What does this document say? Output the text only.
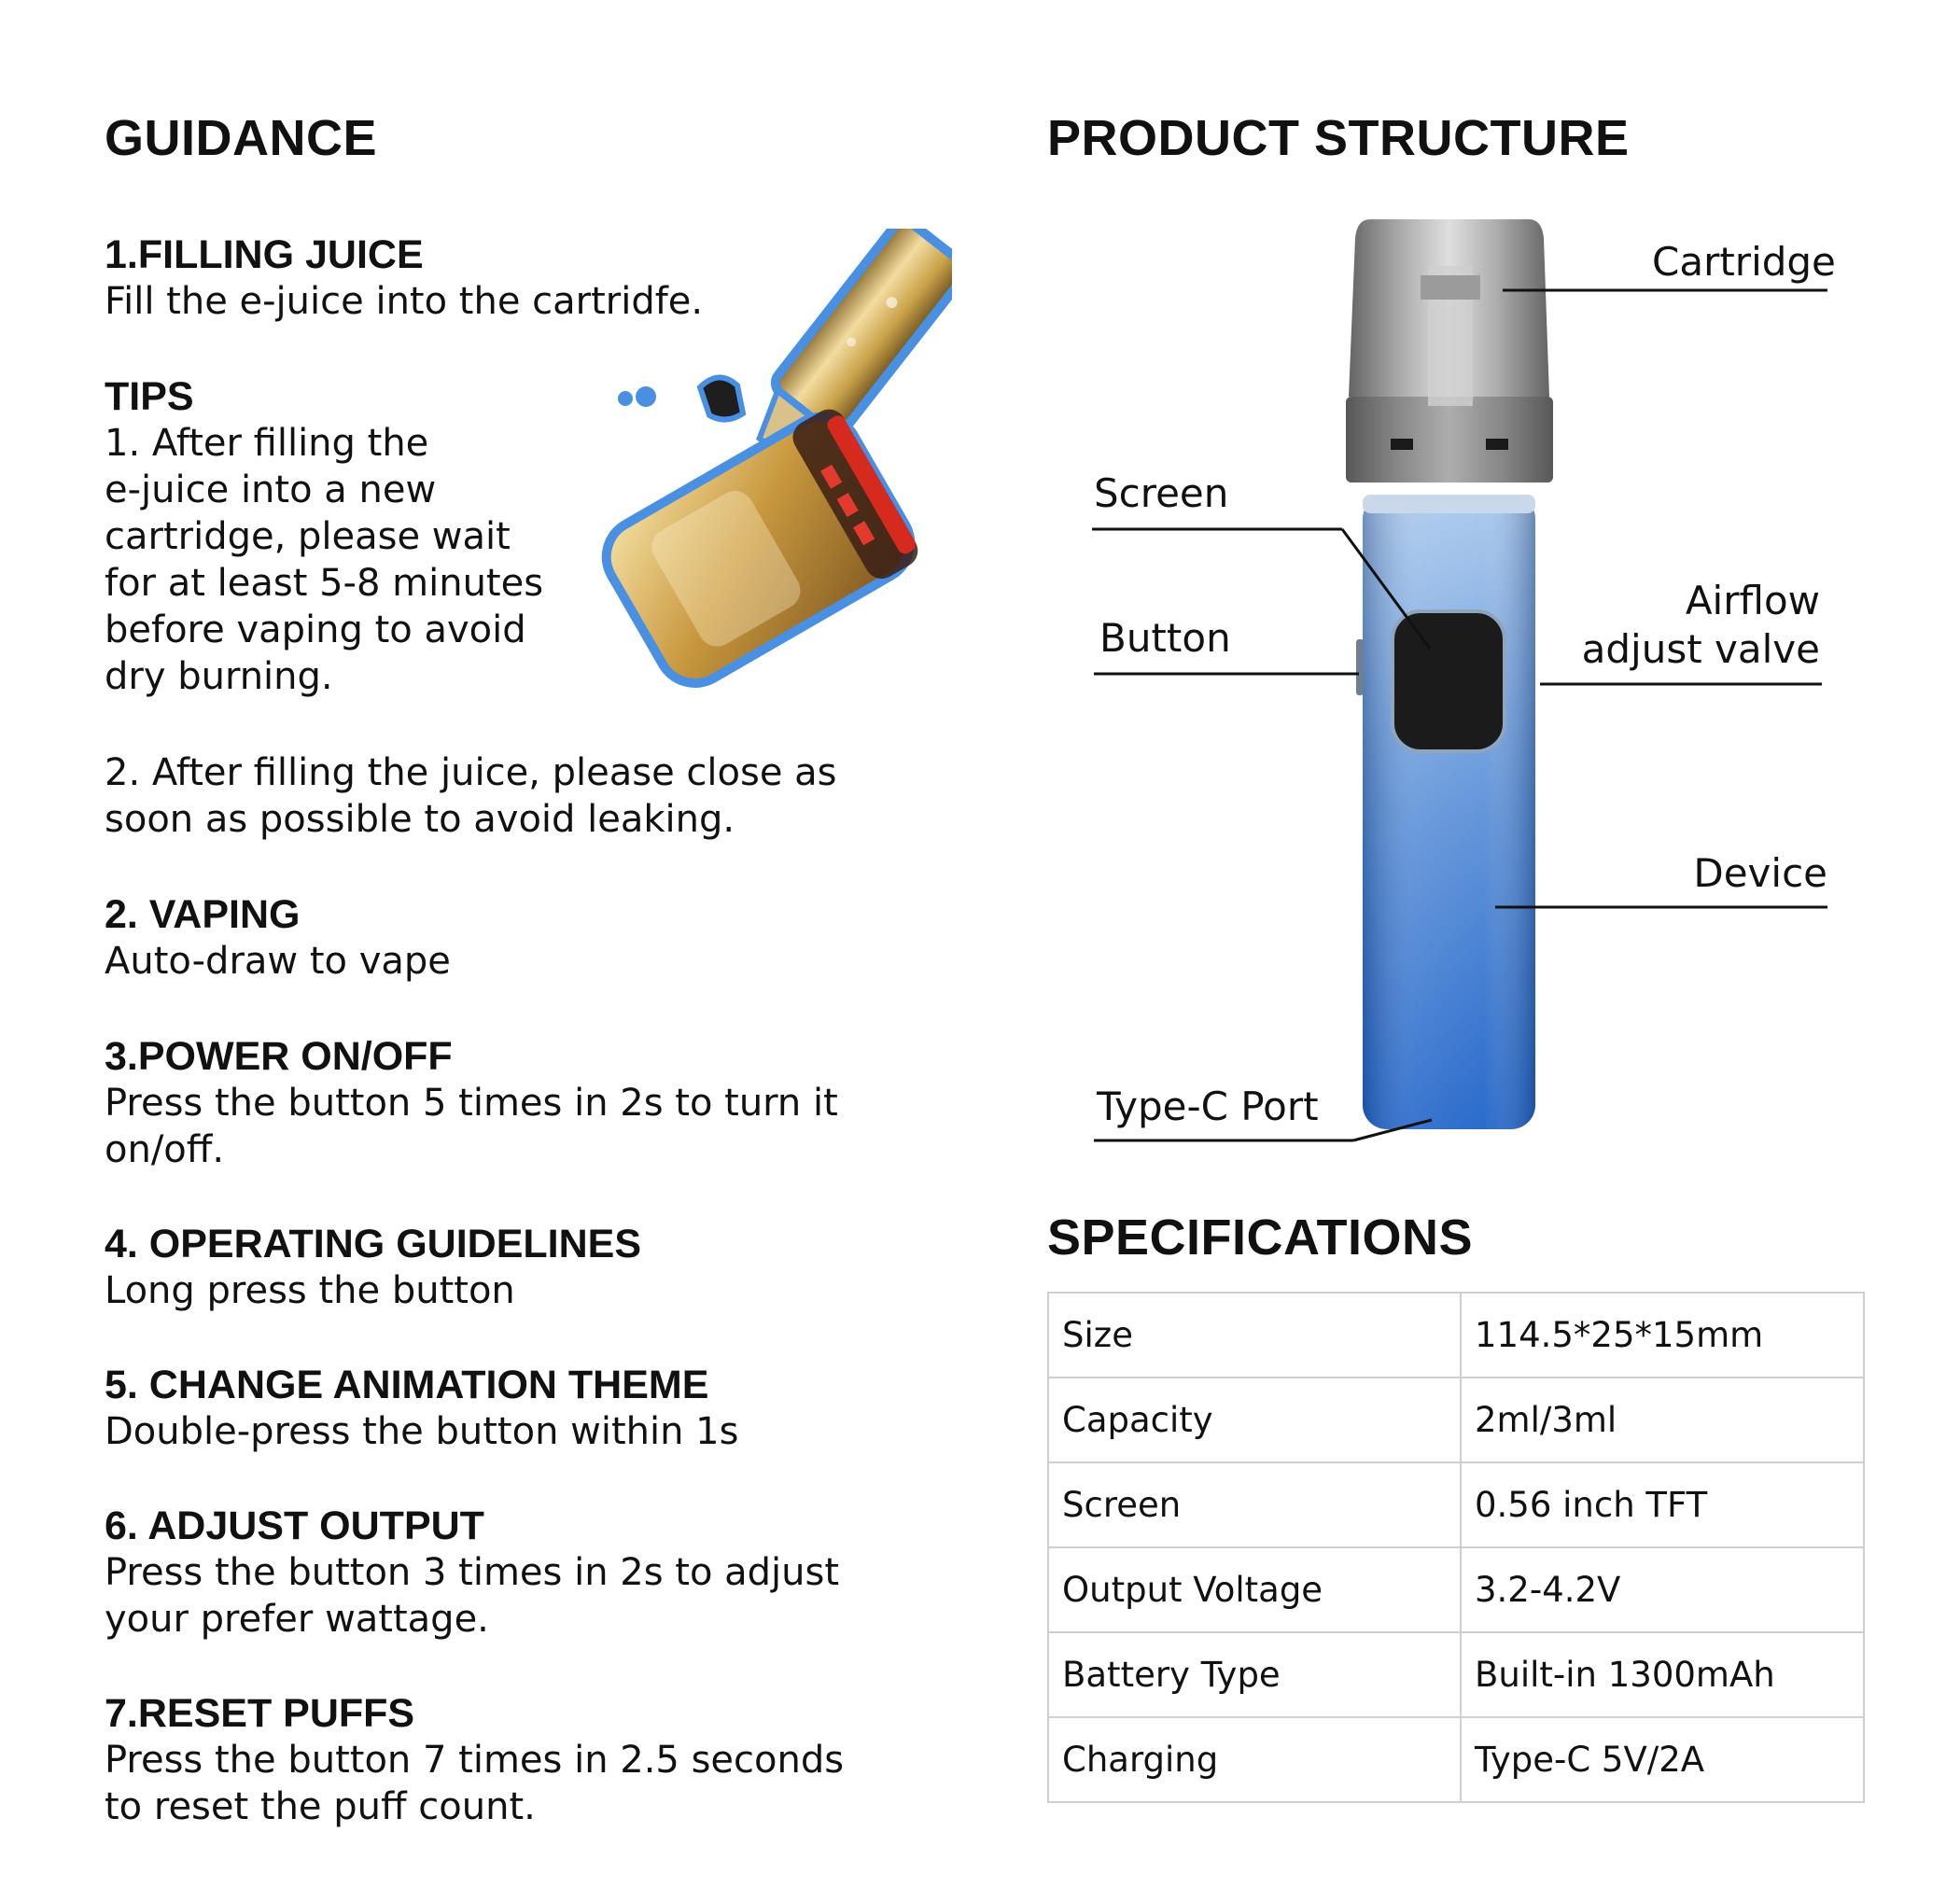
GUIDANCE
1.FILLING JUICE
Fill the e-juice into the cartridfe.
TIPS
1. After filling the
e-juice into a new
cartridge, please wait
for at least 5-8 minutes
before vaping to avoid
dry burning.
2. After filling the juice, please close as
soon as possible to avoid leaking.
2. VAPING
Auto-draw to vape
3.POWER ON/OFF
Press the button 5 times in 2s to turn it
on/off.
4. OPERATING GUIDELINES
Long press the button
5. CHANGE ANIMATION THEME
Double-press the button within 1s
6. ADJUST OUTPUT
Press the button 3 times in 2s to adjust
your prefer wattage.
7.RESET PUFFS
Press the button 7 times in 2.5 seconds
to reset the puff count.
PRODUCT STRUCTURE
Cartridge
Screen
Button
Airflow
adjust valve
Device
Type-C Port
SPECIFICATIONS
Size	114.5*25*15mm
Capacity	2ml/3ml
Screen	0.56 inch TFT
Output Voltage	3.2-4.2V
Battery Type	Built-in 1300mAh
Charging	Type-C 5V/2A
